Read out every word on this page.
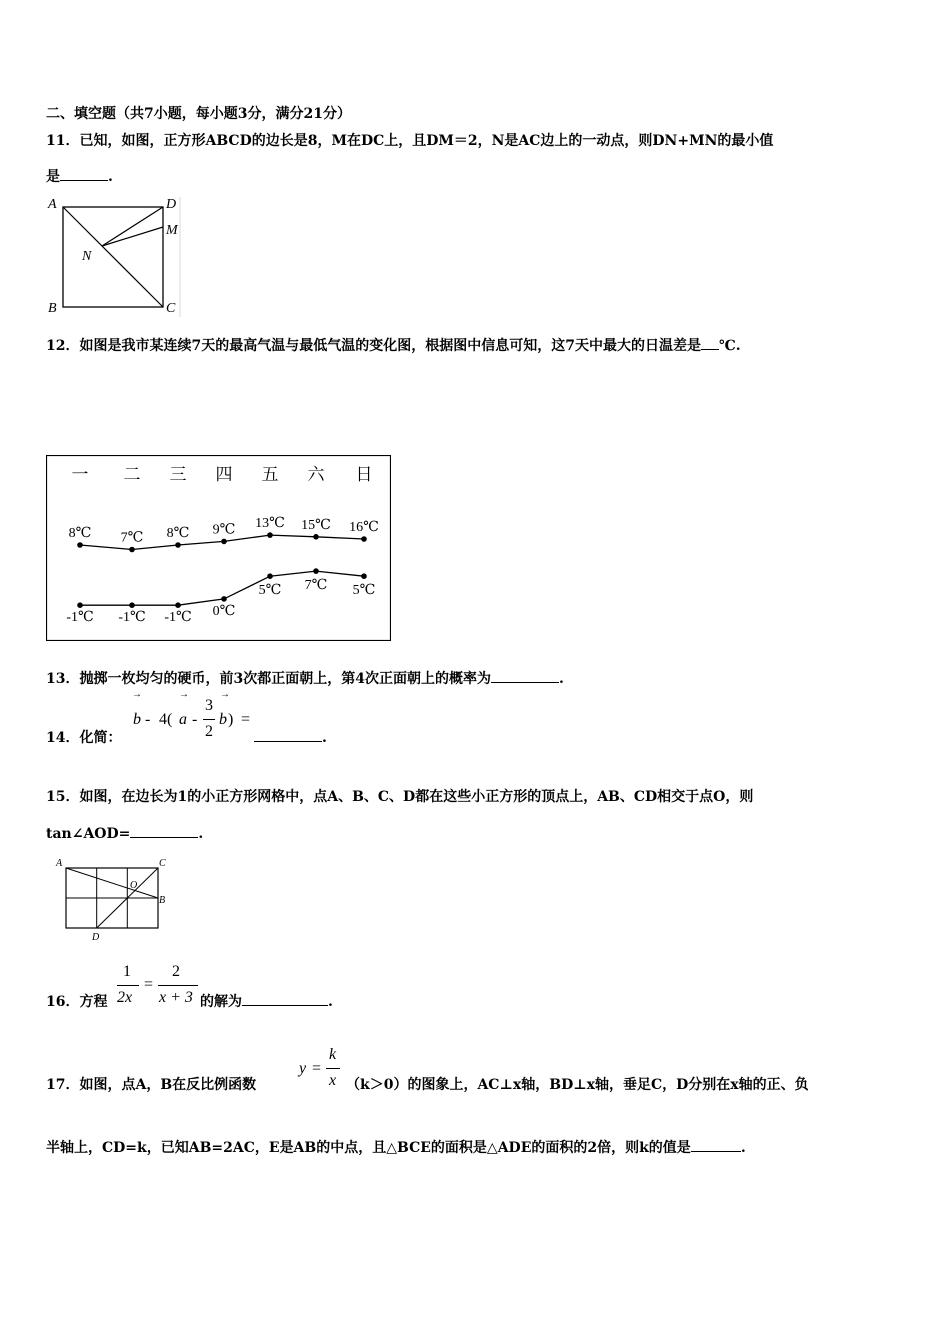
二、填空题（共7小题，每小题3分，满分21分）
11．已知，如图，正方形ABCD的边长是8，M在DC上，且DM＝2，N是AC边上的一动点，则DN+MN的最小值
是	.
A	D
M
N
B	C
12．如图是我市某连续7天的最高气温与最低气温的变化图，根据图中信息可知，这7天中最大的日温差是 ℃.
一 二 三 四 五 六 日
8℃ 7℃ 8℃ 9℃ 13℃ 15℃ 16℃
-1℃ -1℃ -1℃ 0℃
5℃ 7℃ 5℃
13．抛掷一枚均匀的硬币，前3次都正面朝上，第4次正面朝上的概率为	.
14．化简：
→	→	→
b - 4( a -
3
2
b ) =
.
15．如图，在边长为1的小正方形网格中，点A、B、C、D都在这些小正方形的顶点上，AB、CD相交于点O，则
tan∠AOD=	.
A	C
B
O
D
16．方程
1
2x
=
2
x + 3 的解为	.
17．如图，点A，B在反比例函数
y =
k
x （k＞0）的图象上，AC⊥x轴，BD⊥x轴，垂足C，D分别在x轴的正、负
半轴上，CD=k，已知AB=2AC，E是AB的中点，且△BCE的面积是△ADE的面积的2倍，则k的值是	.
